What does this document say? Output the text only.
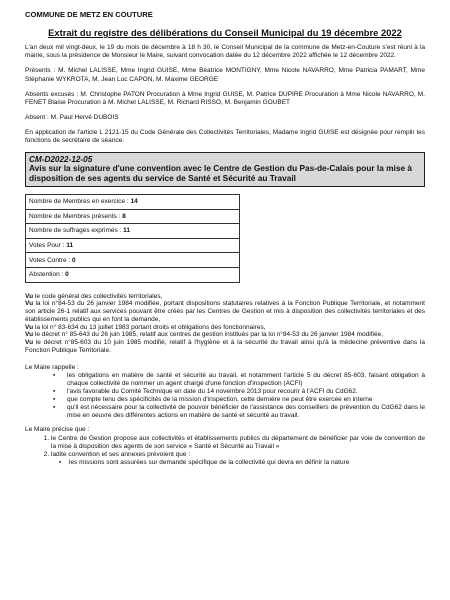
COMMUNE DE METZ EN COUTURE
Extrait du registre des délibérations du Conseil Municipal du 19 décembre 2022

L'an deux mil vingt-deux, le 19 du mois de décembre à 18 h 30, le Conseil Municipal de la commune de Metz-en-Couture s'est réuni à la mairie, sous la présidence de Monsieur le Maire, suivant convocation datée du 12 décembre 2022 affichée le 12 décembre 2022.

Présents : M. Michel LALISSE, Mme Ingrid GUISE, Mme Béatrice MONTIGNY, Mme Nicole NAVARRO, Mme Patricia PAMART, Mme Stéphanie WYKROTA, M. Jean Luc CAPON, M. Maxime GEORGE

Absents excusés : M. Christophe PATON Procuration à Mme Ingrid GUISE, M. Patrice DUPIRE Procuration à Mme Nicole NAVARRO, M. FENET Blaise Procuration à M. Michel LALISSE, M. Richard RISSO, M. Benjamin GOUBET

Absent : M. Paul Hervé DUBOIS

En application de l'article L 2121-15 du Code Générale des Collectivités Territoriales, Madame Ingrid GUISE est désignée pour remplir les fonctions de secrétaire de séance.

CM-D2022-12-05
Avis sur la signature d'une convention avec le Centre de Gestion du Pas-de-Calais pour la mise à disposition de ses agents du service de Santé et Sécurité au Travail
Nombre de Membres en exercice : 14
Nombre de Membres présents : 8
Nombre de suffrages exprimés : 11
Votes Pour : 11
Votes Contre : 0
Abstention : 0

Vu le code général des collectivités territoriales,

Vu la loi n°84-53 du 26 janvier 1984 modifiée, portant dispositions statutaires relatives à la Fonction Publique Territoriale, et notamment son article 26-1 relatif aux services pouvant être créés par les Centres de Gestion et mis à disposition des collectivités territoriales et des établissements publics qui en font la demande,

Vu la loi n° 83-634 du 13 juillet 1983 portant droits et obligations des fonctionnaires,

Vu le décret n° 85-643 du 26 juin 1985, relatif aux centres de gestion institués par la loi n°84-53 du 26 janvier 1984 modifiée,

Vu le décret n°85-603 du 10 juin 1985 modifié, relatif à l'hygiène et à la sécurité du travail ainsi qu'à la médecine préventive dans la Fonction Publique Territoriale.

Le Maire rappelle :
▪ les obligations en matière de santé et sécurité au travail, et notamment l'article 5 du décret 85-603, faisant obligation à chaque collectivité de nommer un agent chargé d'une fonction d'inspection (ACFI)
▪ l'avis favorable du Comité Technique en date du 14 novembre 2013 pour recourir à l'ACFI du CdG62.
▪ que compte tenu des spécificités de la mission d'inspection, cette dernière ne peut être exercée en interne
▪ qu'il est nécessaire pour la collectivité de pouvoir bénéficier de l'assistance des conseillers de prévention du CdG62 dans le mise en oeuvre des différentes actions en matière de santé et sécurité au travail.
Le Maire précise que :
1. le Centre de Gestion propose aux collectivités et établissements publics du département de bénéficier par voie de convention de la mise à disposition des agents de son service « Santé et Sécurité au Travail »
2. ladite convention et ses annexes prévoient que :
▪ les missions sont assurées sur demande spécifique de la collectivité qui devra en définir la nature
